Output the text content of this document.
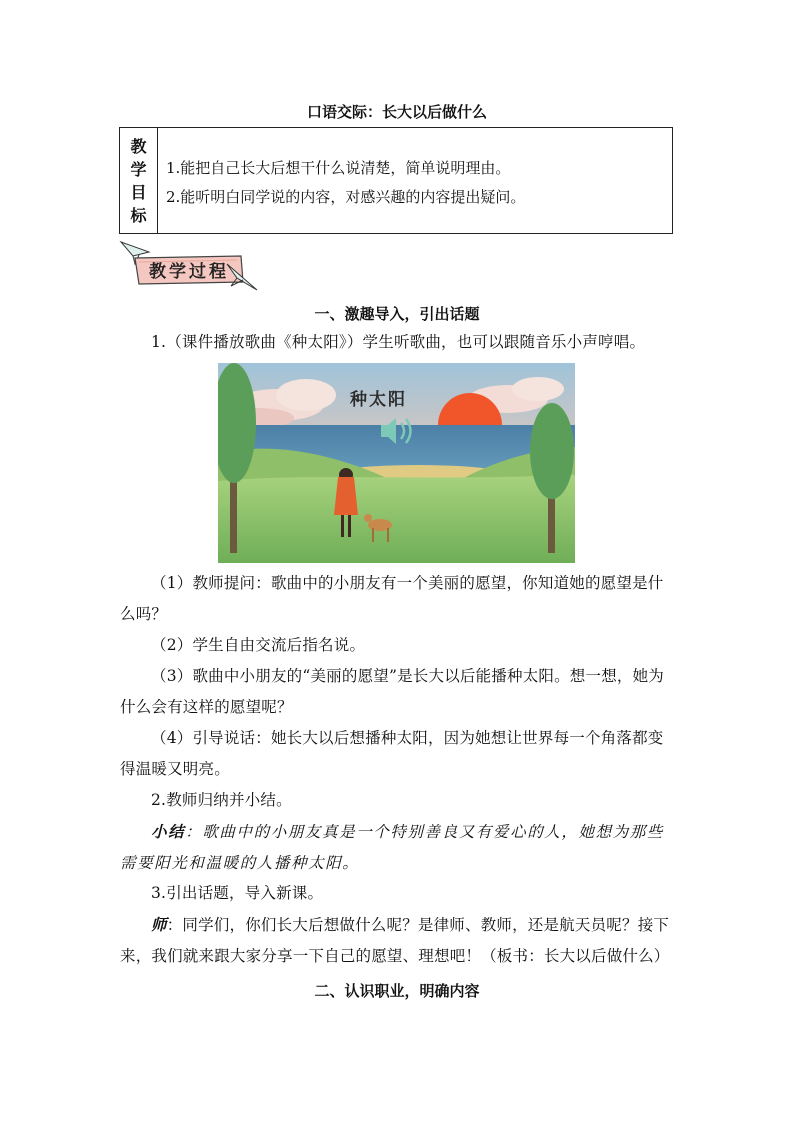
口语交际：长大以后做什么
教学目标
1.能把自己长大后想干什么说清楚，简单说明理由。
2.能听明白同学说的内容，对感兴趣的内容提出疑问。
教学过程
一、激趣导入，引出话题
1.（课件播放歌曲《种太阳》）学生听歌曲，也可以跟随音乐小声哼唱。
种太阳
（1）教师提问：歌曲中的小朋友有一个美丽的愿望，你知道她的愿望是什么吗？
（2）学生自由交流后指名说。
（3）歌曲中小朋友的“美丽的愿望”是长大以后能播种太阳。想一想，她为什么会有这样的愿望呢？
（4）引导说话：她长大以后想播种太阳，因为她想让世界每一个角落都变得温暖又明亮。
2.教师归纳并小结。
小结：歌曲中的小朋友真是一个特别善良又有爱心的人，她想为那些需要阳光和温暖的人播种太阳。
3.引出话题，导入新课。
师：同学们，你们长大后想做什么呢？是律师、教师，还是航天员呢？接下来，我们就来跟大家分享一下自己的愿望、理想吧！（板书：长大以后做什么）
二、认识职业，明确内容
